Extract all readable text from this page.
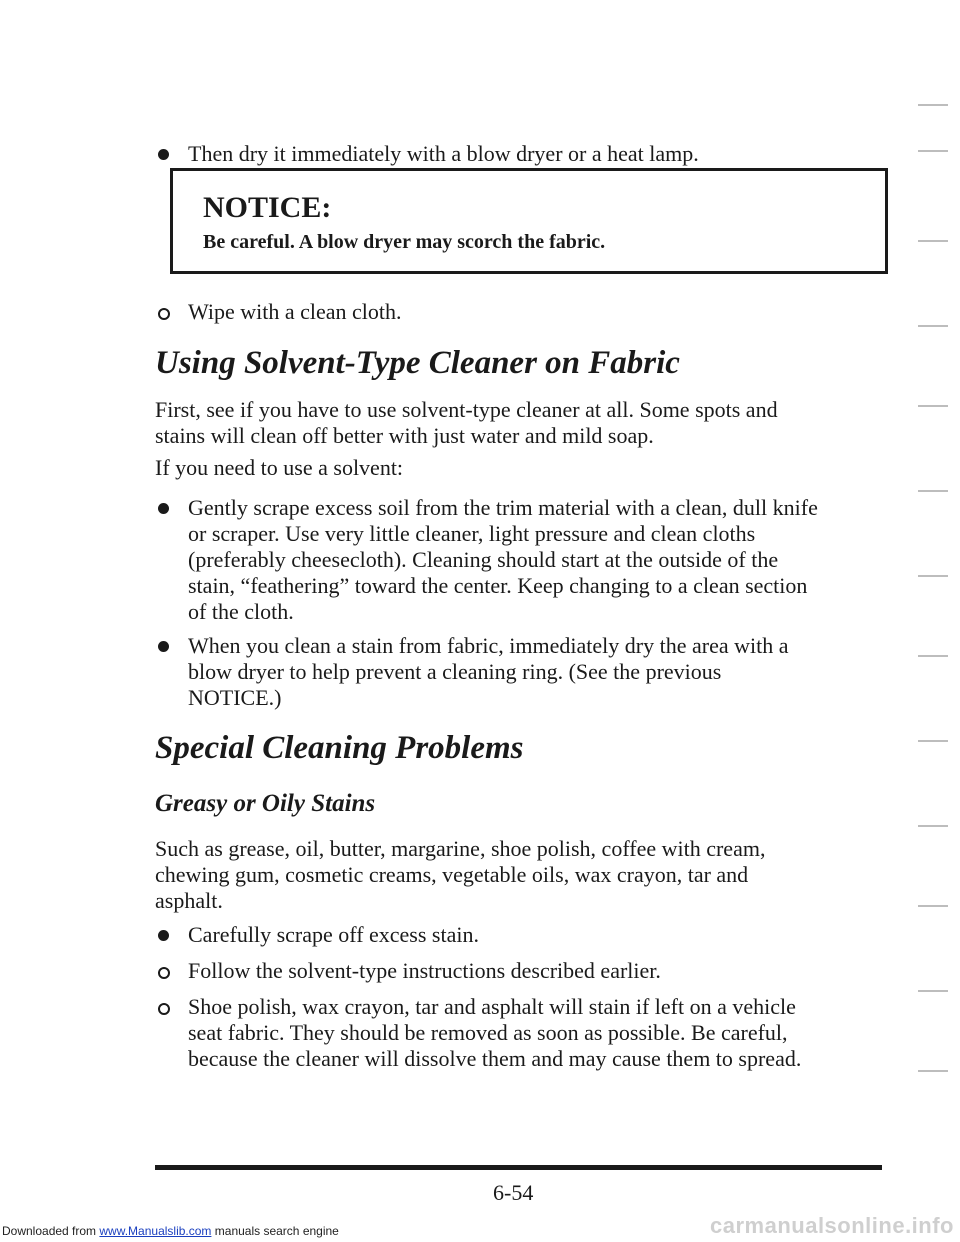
Then dry it immediately with a blow dryer or a heat lamp.
NOTICE:
Be careful. A blow dryer may scorch the fabric.
Wipe with a clean cloth.
Using Solvent-Type Cleaner on Fabric
First, see if you have to use solvent-type cleaner at all. Some spots and
stains will clean off better with just water and mild soap.
If you need to use a solvent:
Gently scrape excess soil from the trim material with a clean, dull knife
or scraper. Use very little cleaner, light pressure and clean cloths
(preferably cheesecloth). Cleaning should start at the outside of the
stain, “feathering” toward the center. Keep changing to a clean section
of the cloth.
When you clean a stain from fabric, immediately dry the area with a
blow dryer to help prevent a cleaning ring. (See the previous
NOTICE.)
Special Cleaning Problems
Greasy or Oily Stains
Such as grease, oil, butter, margarine, shoe polish, coffee with cream,
chewing gum, cosmetic creams, vegetable oils, wax crayon, tar and
asphalt.
Carefully scrape off excess stain.
Follow the solvent-type instructions described earlier.
Shoe polish, wax crayon, tar and asphalt will stain if left on a vehicle
seat fabric. They should be removed as soon as possible. Be careful,
because the cleaner will dissolve them and may cause them to spread.
6-54
Downloaded from www.Manualslib.com manuals search engine	carmanualsonline.info
